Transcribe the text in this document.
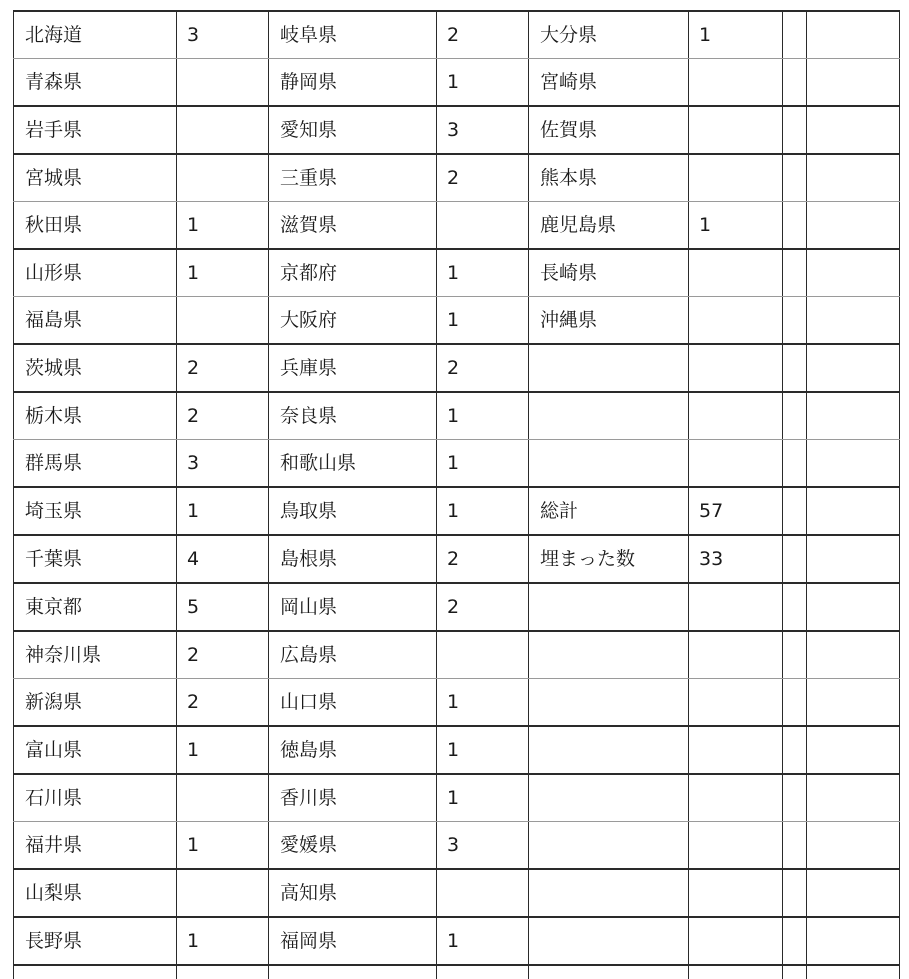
北海道	3	岐阜県	2	大分県	1		
青森県		静岡県	1	宮崎県			
岩手県		愛知県	3	佐賀県			
宮城県		三重県	2	熊本県			
秋田県	1	滋賀県		鹿児島県	1		
山形県	1	京都府	1	長崎県			
福島県		大阪府	1	沖縄県			
茨城県	2	兵庫県	2				
栃木県	2	奈良県	1				
群馬県	3	和歌山県	1				
埼玉県	1	鳥取県	1	総計	57		
千葉県	4	島根県	2	埋まった数	33		
東京都	5	岡山県	2				
神奈川県	2	広島県					
新潟県	2	山口県	1				
富山県	1	徳島県	1				
石川県		香川県	1				
福井県	1	愛媛県	3				
山梨県		高知県					
長野県	1	福岡県	1				
